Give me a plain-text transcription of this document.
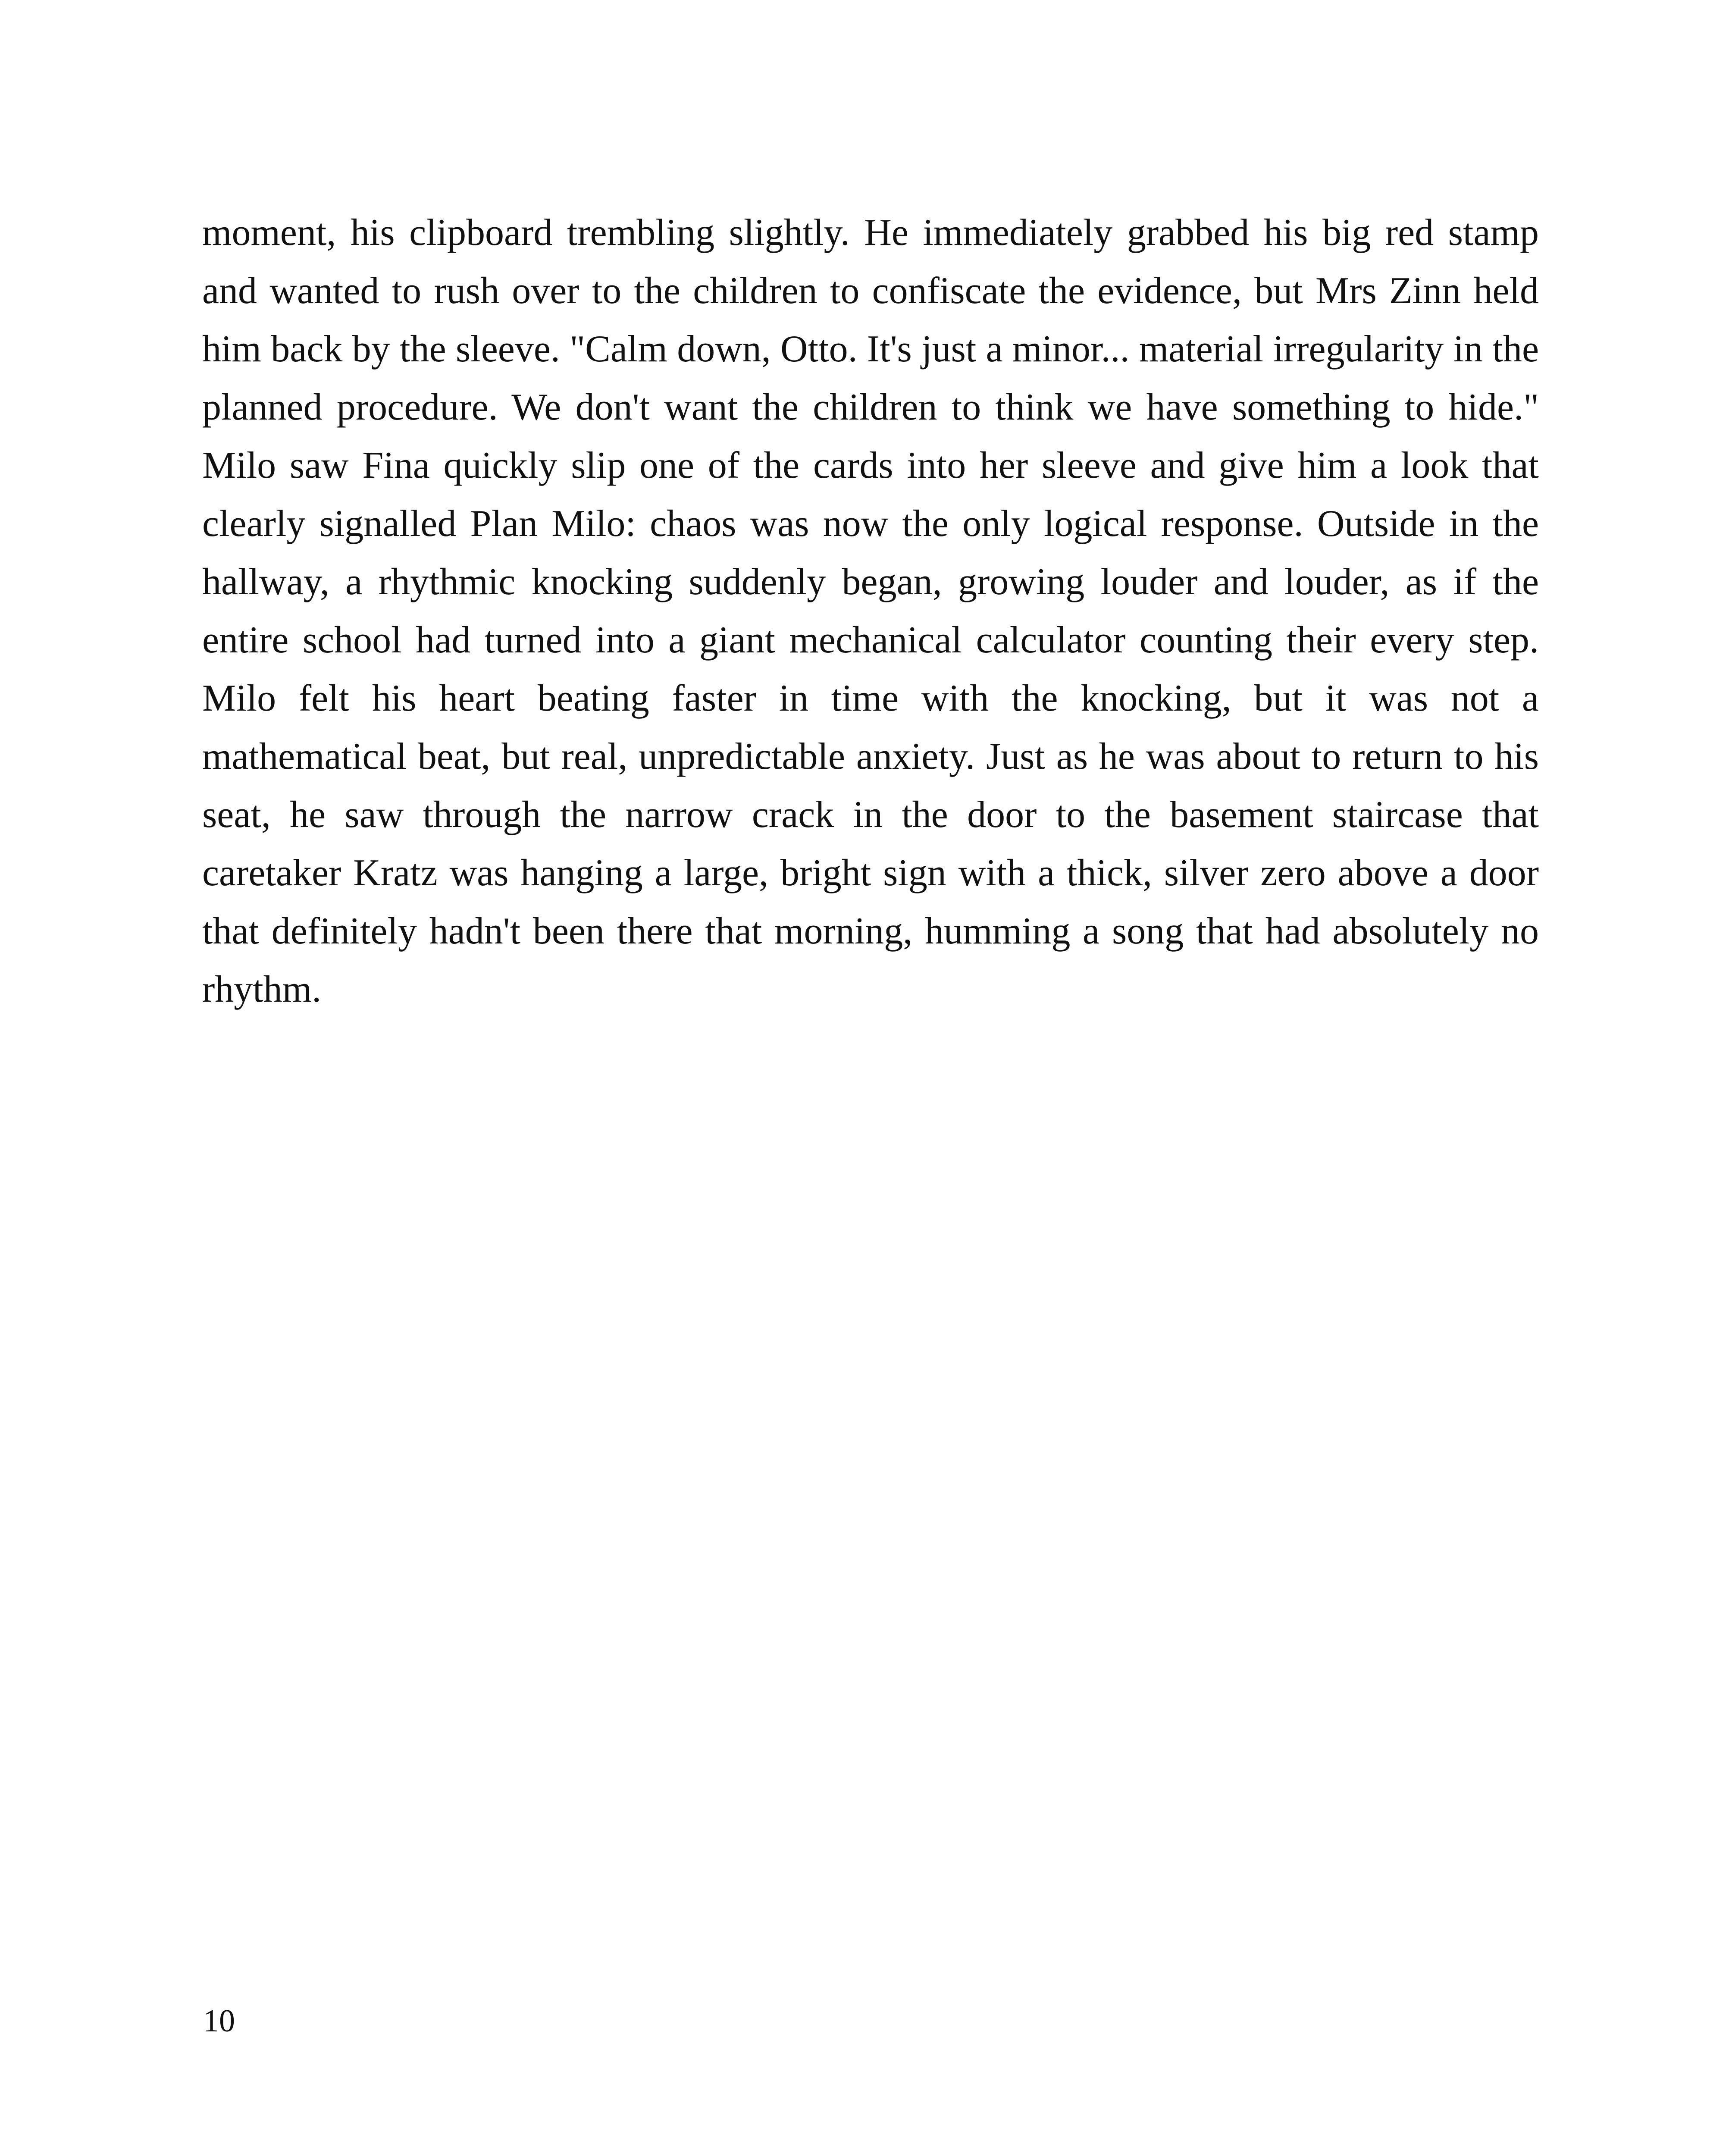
moment, his clipboard trembling slightly. He immediately grabbed his big red stamp and wanted to rush over to the children to confiscate the evidence, but Mrs Zinn held him back by the sleeve. "Calm down, Otto. It's just a minor... material irregularity in the planned procedure. We don't want the children to think we have something to hide." Milo saw Fina quickly slip one of the cards into her sleeve and give him a look that clearly signalled Plan Milo: chaos was now the only logical response. Outside in the hallway, a rhythmic knocking suddenly began, growing louder and louder, as if the entire school had turned into a giant mechanical calculator counting their every step. Milo felt his heart beating faster in time with the knocking, but it was not a mathematical beat, but real, unpredictable anxiety. Just as he was about to return to his seat, he saw through the narrow crack in the door to the basement staircase that caretaker Kratz was hanging a large, bright sign with a thick, silver zero above a door that definitely hadn't been there that morning, humming a song that had absolutely no rhythm.

10
